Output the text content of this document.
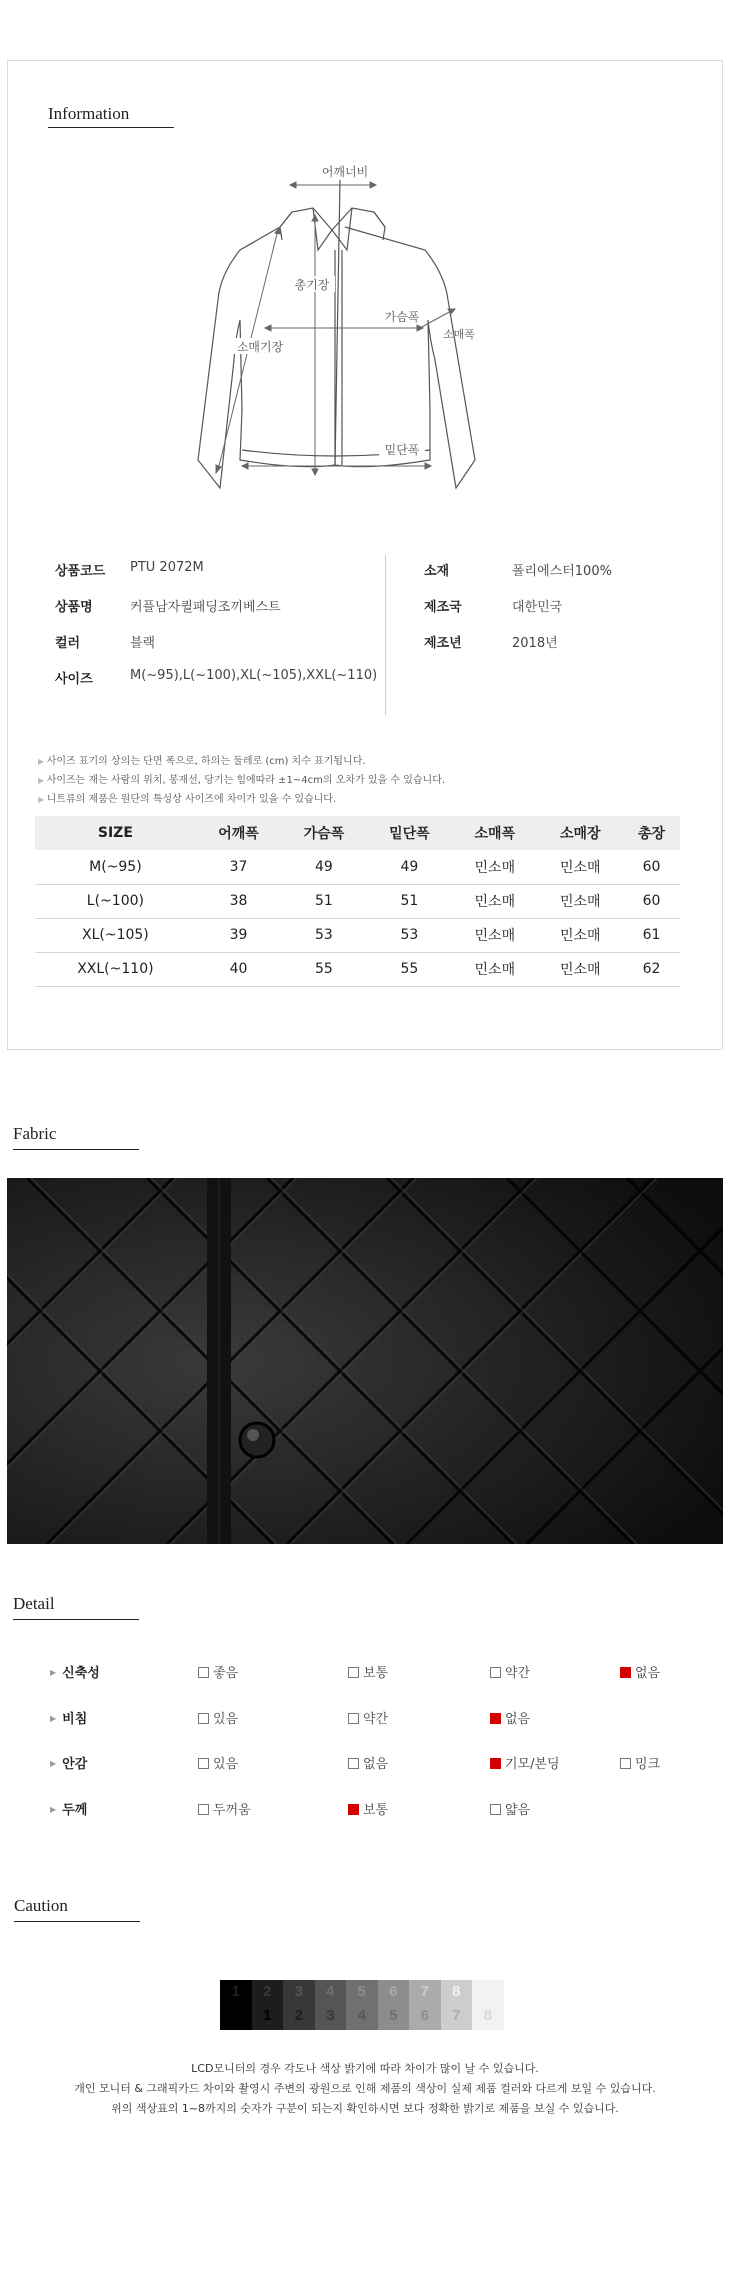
Information
어깨너비
총기장
가슴폭
소매기장
소매폭
밑단폭
상품코드 PTU 2072M
상품명	커플남자퀼패딩조끼베스트
컬러	블랙
사이즈	M(~95),L(~100),XL(~105),XXL(~110)
소재	폴리에스터100%
제조국	대한민국
제조년	2018년
▶ 사이즈 표기의 상의는 단면 폭으로, 하의는 둘레로 (cm) 치수 표기됩니다.
▶ 사이즈는 재는 사람의 위치, 봉재선, 당기는 힘에따라 ±1~4cm의 오차가 있을 수 있습니다.
▶ 니트류의 제품은 원단의 특성상 사이즈에 차이가 있을 수 있습니다.
SIZE	어깨폭	가슴폭	밑단폭	소매폭	소매장	총장
M(~95)	37	49	49	민소매	민소매	60
L(~100)	38	51	51	민소매	민소매	60
XL(~105)	39	53	53	민소매	민소매	61
XXL(~110)	40	55	55	민소매	민소매	62
Fabric
Detail
▶ 신축성	좋음	보통	약간	없음
▶ 비침	있음	약간	없음
▶ 안감	있음	없음	기모/본딩	밍크
▶ 두께	두꺼움	보통	얇음
Caution
1	2
1
3
2
4
3
5
4
6
5
7
6
8
7	8
LCD모니터의 경우 각도나 색상 밝기에 따라 차이가 많이 날 수 있습니다.
개인 모니터 & 그래픽카드 차이와 촬영시 주변의 광원으로 인해 제품의 색상이 실제 제품 컬러와 다르게 보일 수 있습니다.
위의 색상표의 1~8까지의 숫자가 구분이 되는지 확인하시면 보다 정확한 밝기로 제품을 보실 수 있습니다.
